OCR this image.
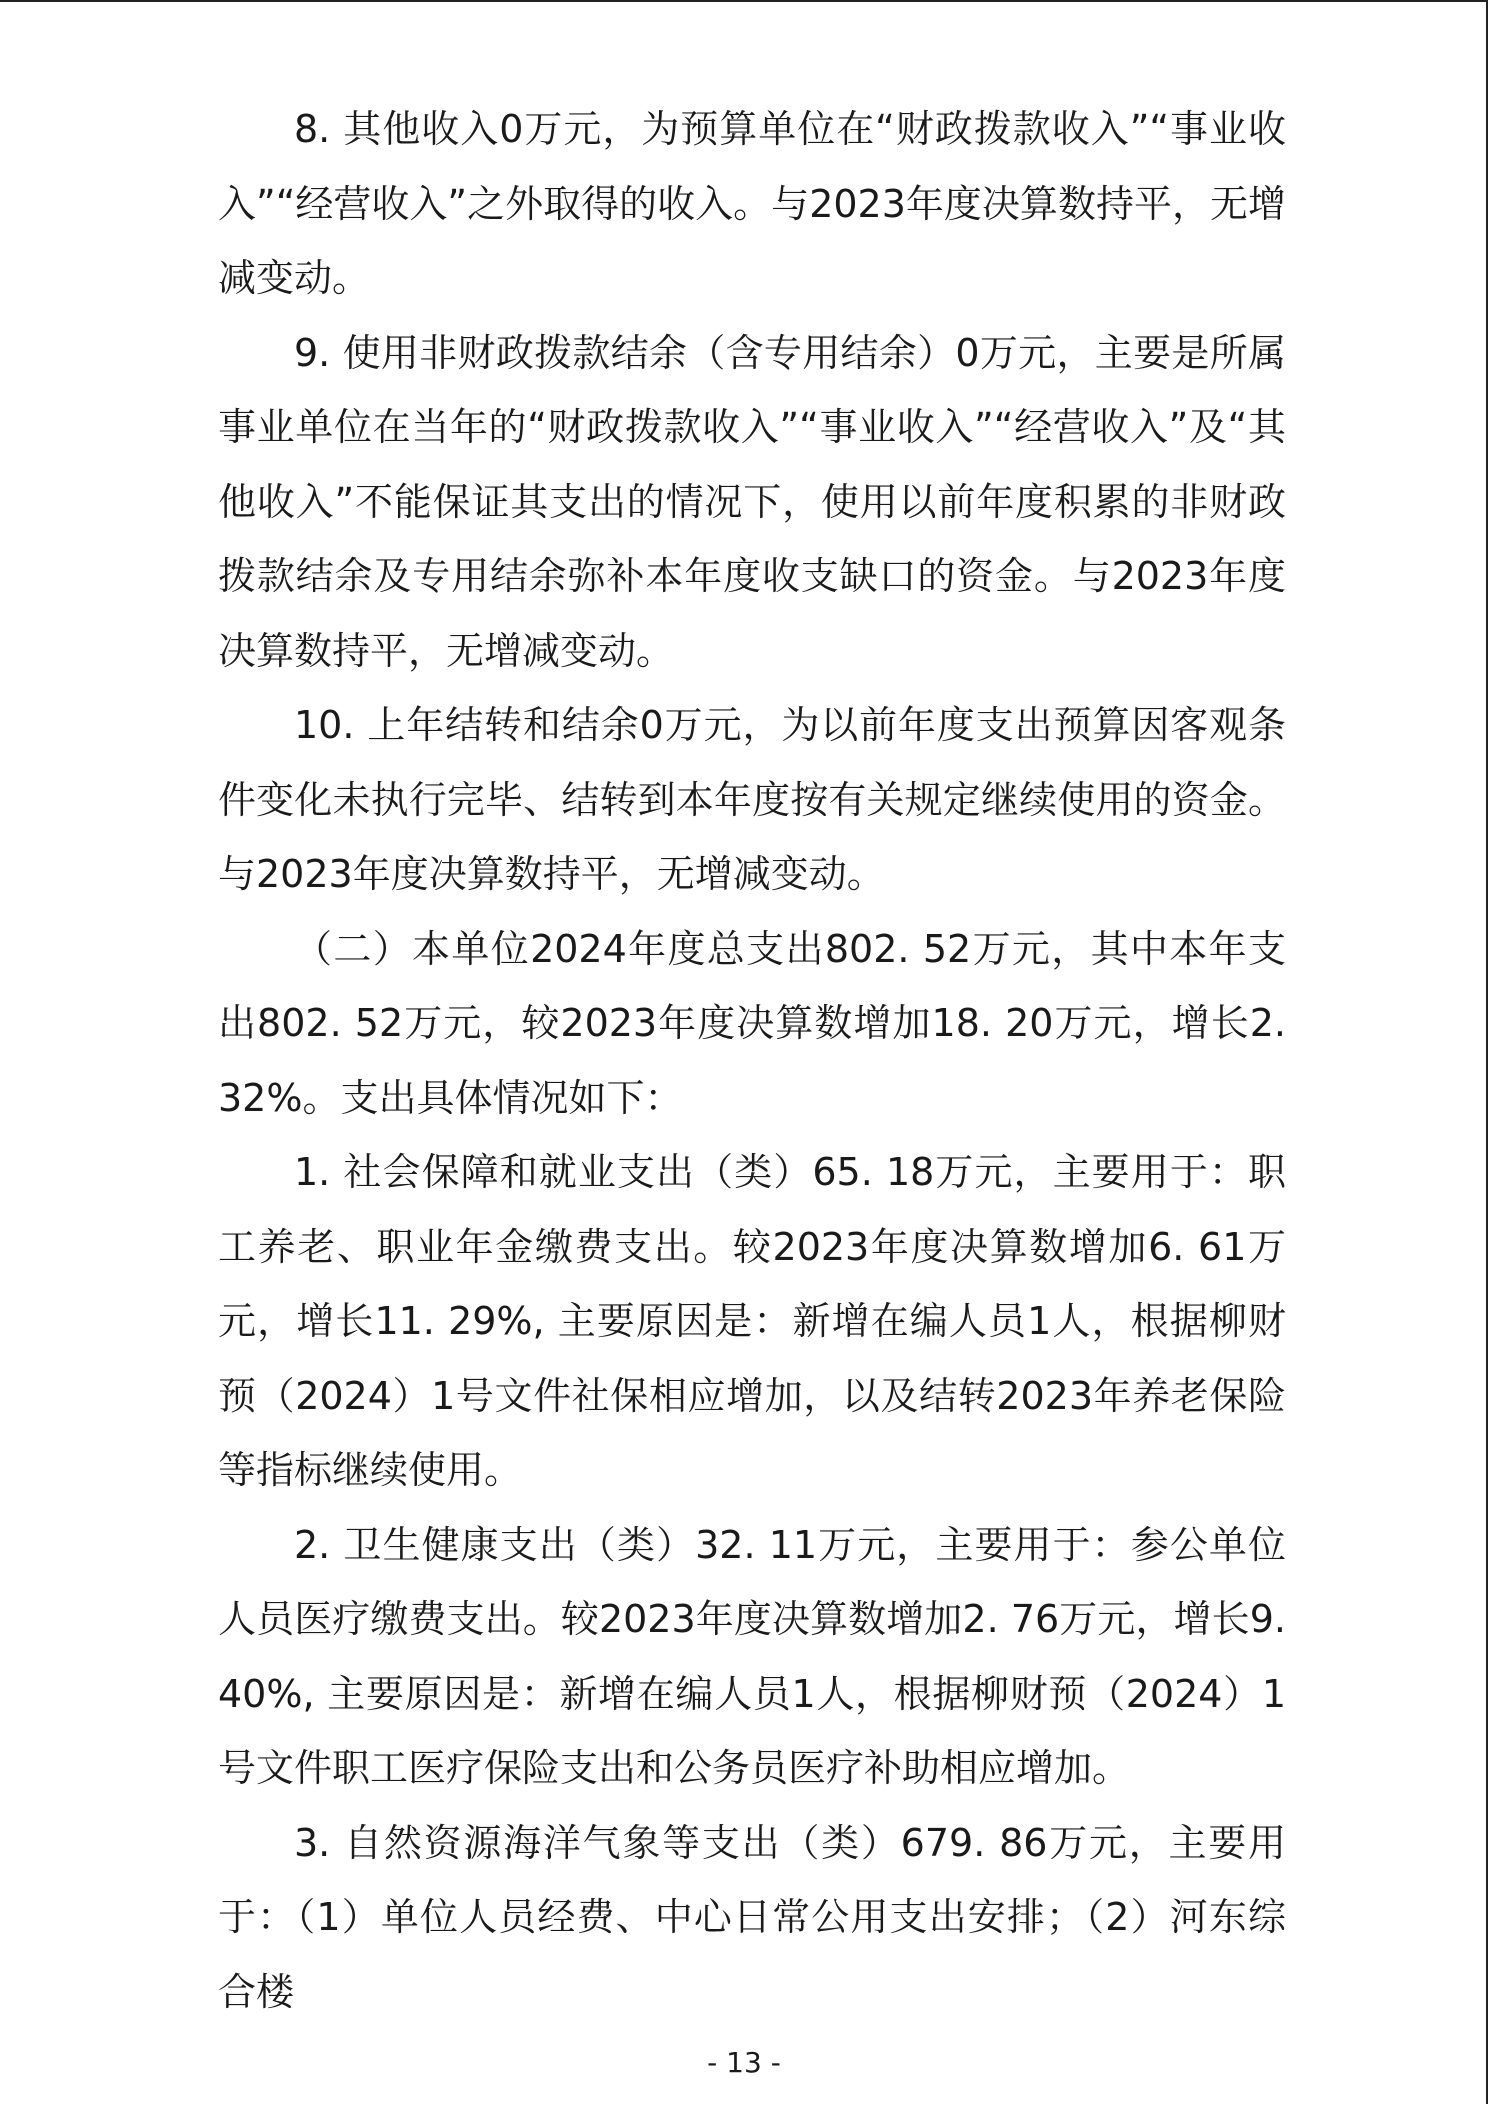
8. 其他收入0万元，为预算单位在“财政拨款收入”“事业收入”“经营收入”之外取得的收入。与2023年度决算数持平，无增减变动。

9. 使用非财政拨款结余（含专用结余）0万元，主要是所属事业单位在当年的“财政拨款收入”“事业收入”“经营收入”及“其他收入”不能保证其支出的情况下，使用以前年度积累的非财政拨款结余及专用结余弥补本年度收支缺口的资金。与2023年度决算数持平，无增减变动。

10. 上年结转和结余0万元，为以前年度支出预算因客观条件变化未执行完毕、结转到本年度按有关规定继续使用的资金。与2023年度决算数持平，无增减变动。

（二）本单位2024年度总支出802. 52万元，其中本年支出802. 52万元，较2023年度决算数增加18. 20万元，增长2. 32%。支出具体情况如下：

1. 社会保障和就业支出（类）65. 18万元，主要用于：职工养老、职业年金缴费支出。较2023年度决算数增加6. 61万元，增长11. 29%, 主要原因是：新增在编人员1人，根据柳财预（2024）1号文件社保相应增加，以及结转2023年养老保险等指标继续使用。

2. 卫生健康支出（类）32. 11万元，主要用于：参公单位人员医疗缴费支出。较2023年度决算数增加2. 76万元，增长9. 40%, 主要原因是：新增在编人员1人，根据柳财预（2024）1号文件职工医疗保险支出和公务员医疗补助相应增加。

3. 自然资源海洋气象等支出（类）679. 86万元，主要用于：（1）单位人员经费、中心日常公用支出安排；（2）河东综合楼

- 13 -
